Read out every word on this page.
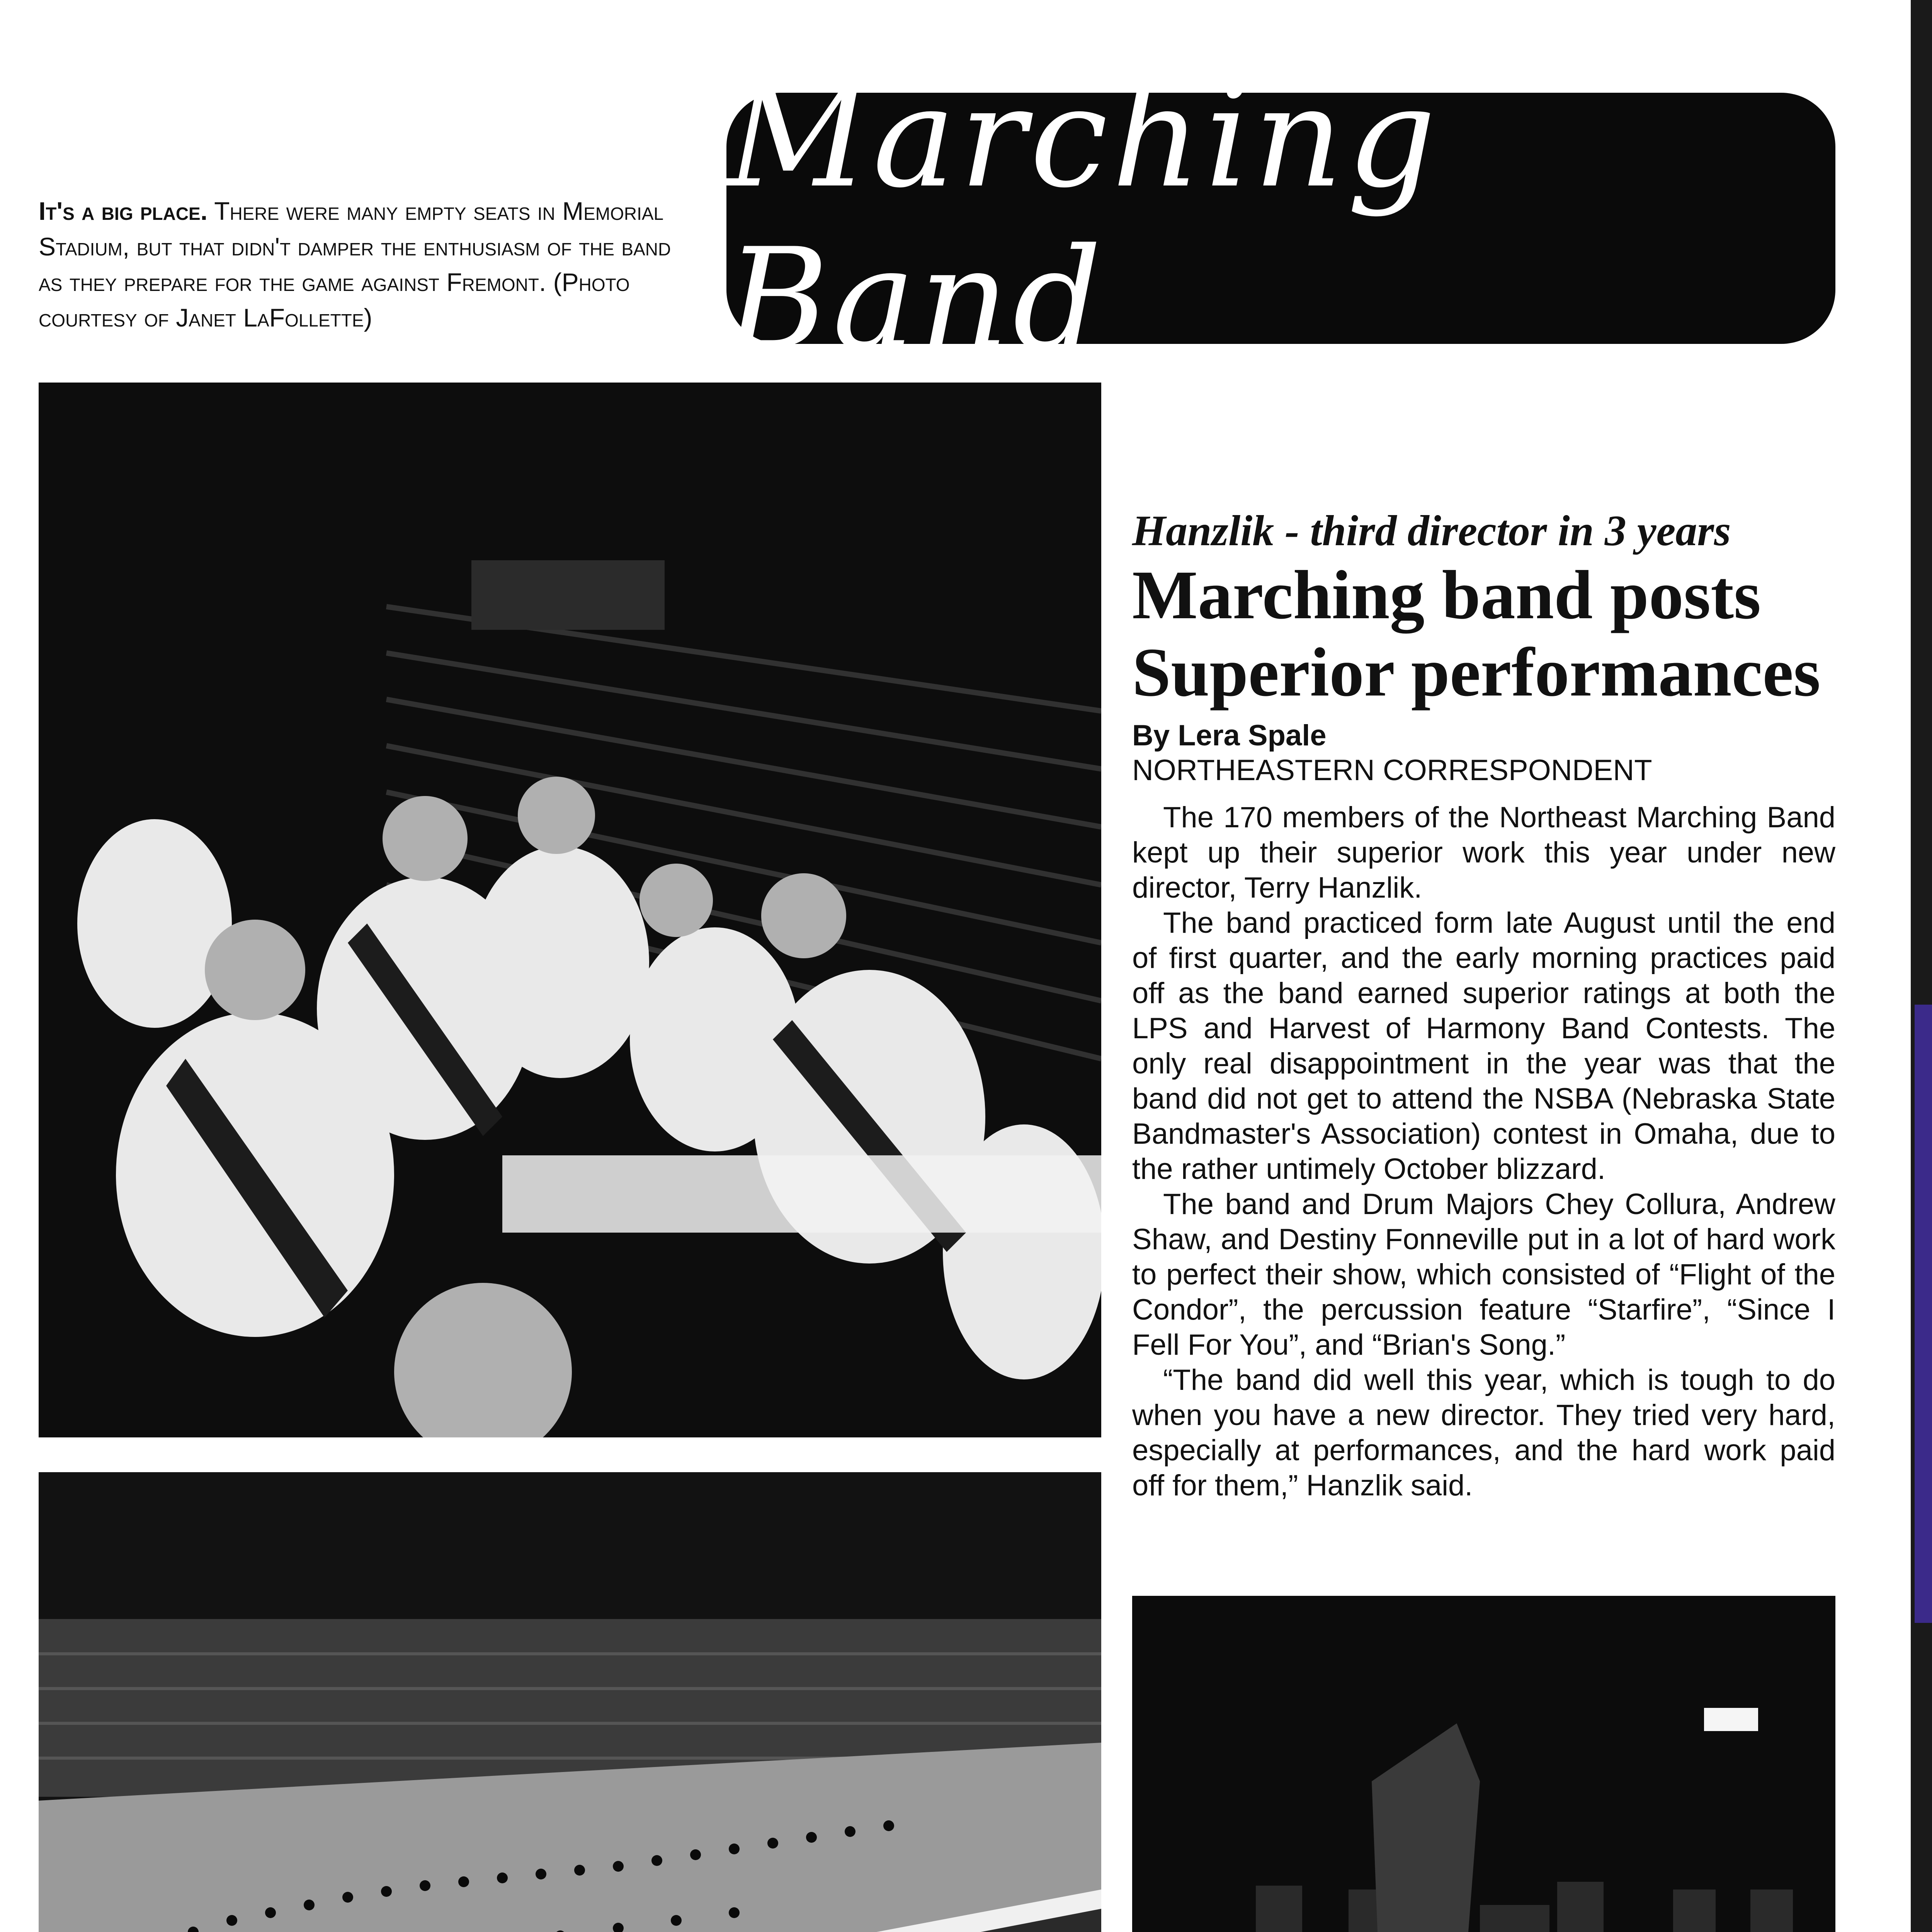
Marching Band
It's a big place. There were many empty seats in Memorial Stadium, but that didn't damper the enthusiasm of the band as they prepare for the game against Fremont. (Photo courtesy of Janet LaFollette)
Hanzlik - third director in 3 years
Marching band posts Superior performances
By Lera Spale
NORTHEASTERN CORRESPONDENT

The 170 members of the Northeast Marching Band kept up their superior work this year under new director, Terry Hanzlik.

The band practiced form late August until the end of first quarter, and the early morning practices paid off as the band earned superior ratings at both the LPS and Harvest of Harmony Band Contests. The only real disappointment in the year was that the band did not get to attend the NSBA (Nebraska State Bandmaster's Association) contest in Omaha, due to the rather untimely October blizzard.

The band and Drum Majors Chey Collura, Andrew Shaw, and Destiny Fonneville put in a lot of hard work to perfect their show, which consisted of “Flight of the Condor”, the percussion feature “Starfire”, “Since I Fell For You”, and “Brian's Song.”

“The band did well this year, which is tough to do when you have a new director. They tried very hard, especially at performances, and the hard work paid off for them,” Hanzlik said.
